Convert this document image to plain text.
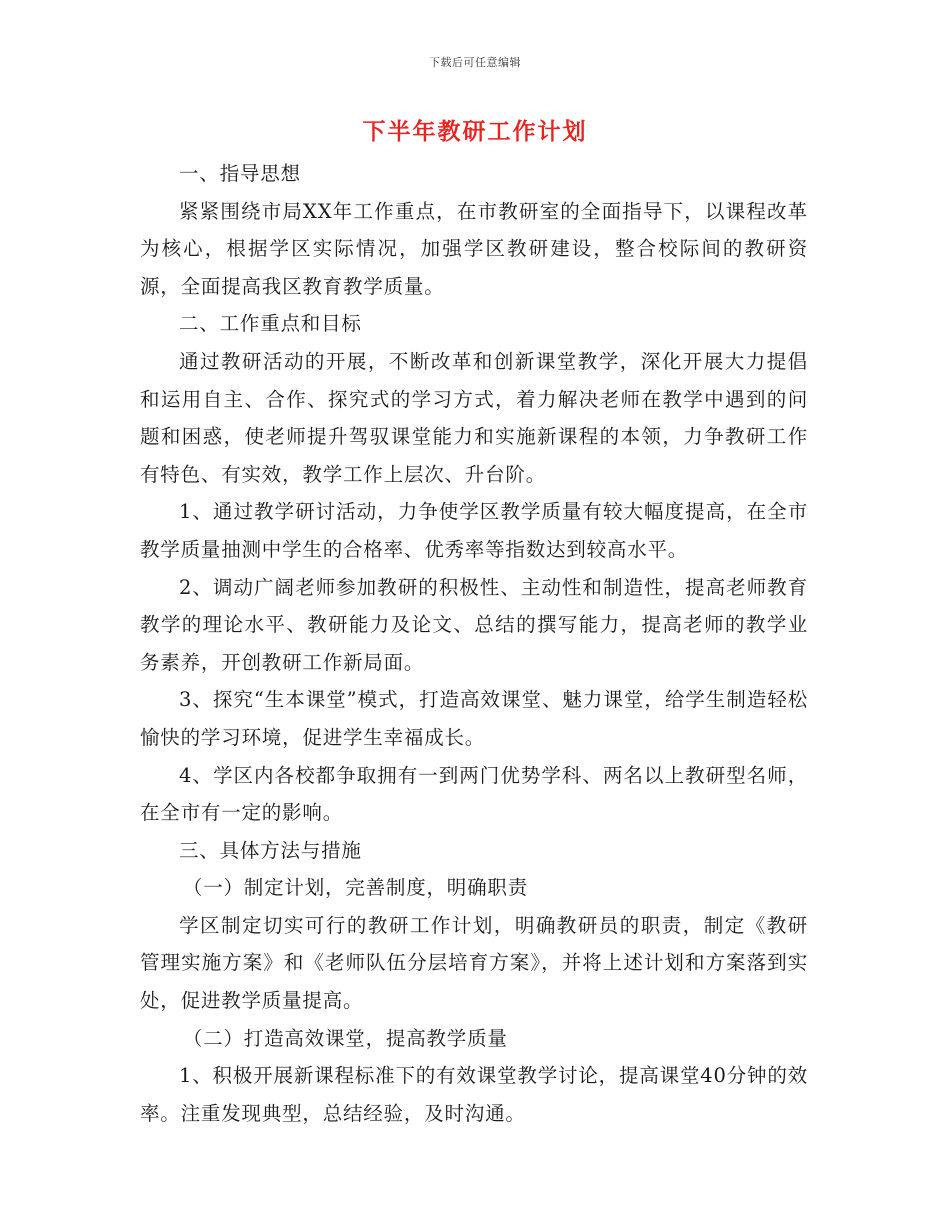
下载后可任意编辑
下半年教研工作计划

一、指导思想

紧紧围绕市局XX年工作重点，在市教研室的全面指导下，以课程改革为核心，根据学区实际情况，加强学区教研建设，整合校际间的教研资源，全面提高我区教育教学质量。

二、工作重点和目标

通过教研活动的开展，不断改革和创新课堂教学，深化开展大力提倡和运用自主、合作、探究式的学习方式，着力解决老师在教学中遇到的问题和困惑，使老师提升驾驭课堂能力和实施新课程的本领，力争教研工作有特色、有实效，教学工作上层次、升台阶。

1、通过教学研讨活动，力争使学区教学质量有较大幅度提高，在全市教学质量抽测中学生的合格率、优秀率等指数达到较高水平。

2、调动广阔老师参加教研的积极性、主动性和制造性，提高老师教育教学的理论水平、教研能力及论文、总结的撰写能力，提高老师的教学业务素养，开创教研工作新局面。

3、探究“生本课堂”模式，打造高效课堂、魅力课堂，给学生制造轻松愉快的学习环境，促进学生幸福成长。

4、学区内各校都争取拥有一到两门优势学科、两名以上教研型名师，在全市有一定的影响。

三、具体方法与措施

（一）制定计划，完善制度，明确职责

学区制定切实可行的教研工作计划，明确教研员的职责，制定《教研管理实施方案》和《老师队伍分层培育方案》，并将上述计划和方案落到实处，促进教学质量提高。

（二）打造高效课堂，提高教学质量

1、积极开展新课程标准下的有效课堂教学讨论，提高课堂40分钟的效率。注重发现典型，总结经验，及时沟通。
